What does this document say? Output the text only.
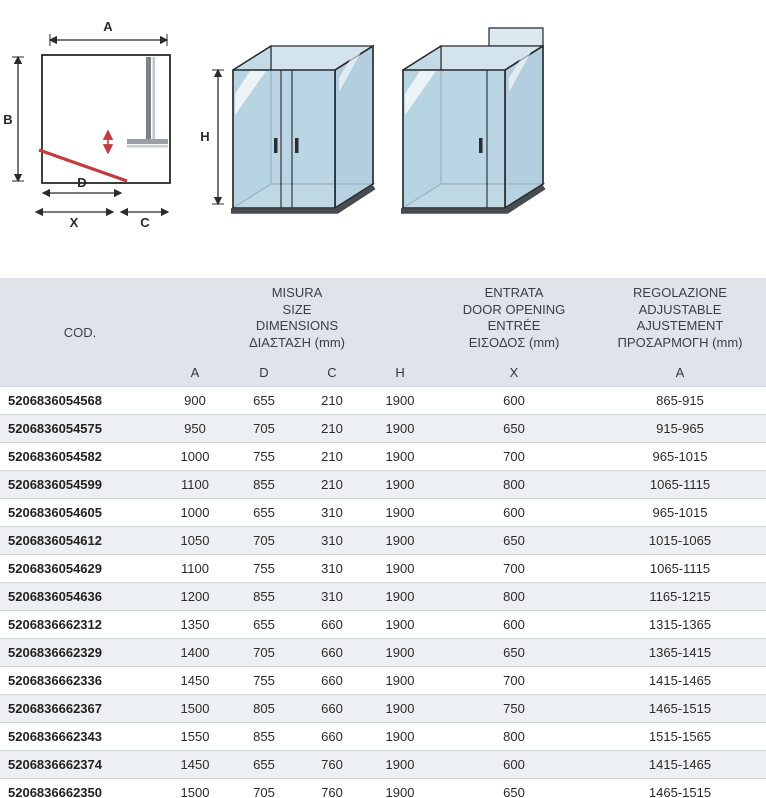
A
B
D
X	C
H
COD.	
MISURA
SIZE
DIMENSIONS
ΔΙΑΣΤΑΣΗ (mm)

ENTRATA
DOOR OPENING
ENTRÉE
ΕΙΣΟΔΟΣ (mm)

REGOLAZIONE
ADJUSTABLE
AJUSTEMENT
ΠΡΟΣΑΡΜΟΓΗ (mm)

	A	D	C	H	X	A
5206836054568	900	655	210	1900	600	865-915
5206836054575	950	705	210	1900	650	915-965
5206836054582	1000	755	210	1900	700	965-1015
5206836054599	1100	855	210	1900	800	1065-1115
5206836054605	1000	655	310	1900	600	965-1015
5206836054612	1050	705	310	1900	650	1015-1065
5206836054629	1100	755	310	1900	700	1065-1115
5206836054636	1200	855	310	1900	800	1165-1215
5206836662312	1350	655	660	1900	600	1315-1365
5206836662329	1400	705	660	1900	650	1365-1415
5206836662336	1450	755	660	1900	700	1415-1465
5206836662367	1500	805	660	1900	750	1465-1515
5206836662343	1550	855	660	1900	800	1515-1565
5206836662374	1450	655	760	1900	600	1415-1465
5206836662350	1500	705	760	1900	650	1465-1515
